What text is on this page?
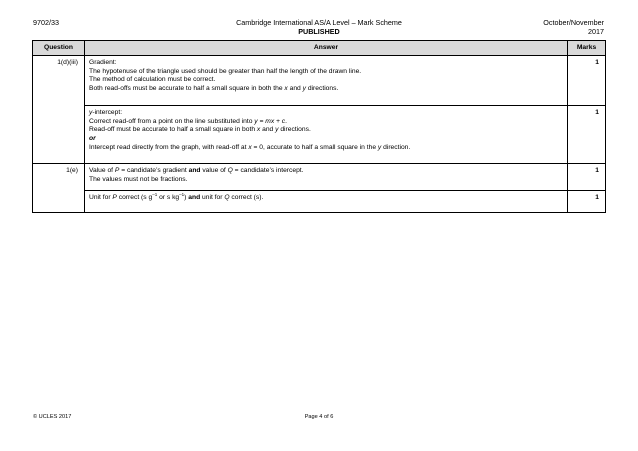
9702/33	Cambridge International AS/A Level – Mark Scheme
PUBLISHED
October/November
2017
Question	Answer	Marks
1(d)(iii)	Gradient:
The hypotenuse of the triangle used should be greater than half the length of the drawn line.
The method of calculation must be correct.
Both read-offs must be accurate to half a small square in both the x and y directions.	1

	y-intercept:
Correct read-off from a point on the line substituted into y = mx + c.
Read-off must be accurate to half a small square in both x and y directions.
or
Intercept read directly from the graph, with read-off at x = 0, accurate to half a small square in the y direction.	1
1(e)	Value of P = candidate’s gradient and value of Q = candidate’s intercept.
The values must not be fractions.	1

	Unit for P correct (s $g^{-1}$ or s $kg^{-1}$) and unit for Q correct (s).	1
© UCLES 2017	Page 4 of 6
